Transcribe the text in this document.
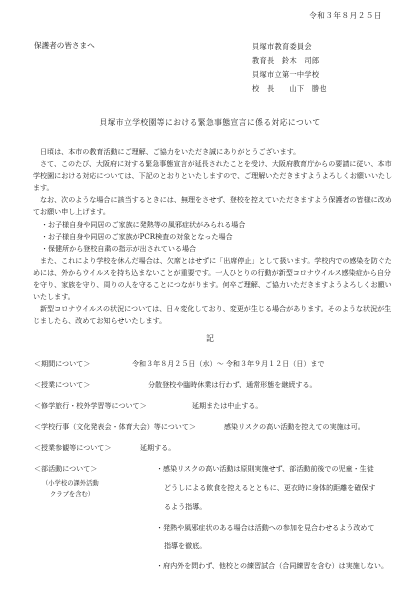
令和３年８月２５日
保護者の皆さまへ	貝塚市教育委員会
教育長　鈴木　司郎
貝塚市立第一中学校
校　長　　山下　勝也
貝塚市立学校園等における緊急事態宣言に係る対応について

日頃は、本市の教育活動にご理解、ご協力をいただき誠にありがとうございます。

さて、このたび、大阪府に対する緊急事態宣言が延長されたことを受け、大阪府教育庁からの要請に従い、本市学校園における対応については、下記のとおりといたしますので、ご理解いただきますようよろしくお願いいたします。

なお、次のような場合に該当するときには、無理をさせず、登校を控えていただきますよう保護者の皆様に改めてお願い申し上げます。

・お子様自身や同居のご家族に発熱等の風邪症状がみられる場合

・お子様自身や同居のご家族がPCR検査の対象となった場合

・保健所から登校自粛の指示が出されている場合

また、これにより学校を休んだ場合は、欠席とはせずに「出席停止」として扱います。学校内での感染を防ぐためには、外からウイルスを持ち込まないことが重要です。一人ひとりの行動が新型コロナウイルス感染症から自分を守り、家族を守り、周りの人を守ることにつながります。何卒ご理解、ご協力いただきますようよろしくお願いいたします。

新型コロナウイルスの状況については、日々変化しており、変更が生じる場合があります。そのような状況が生じましたら、改めてお知らせいたします。

記
＜期間について＞	令和３年８月２５日（水）～ 令和３年９月１２日（日）まで
＜授業について＞	分散登校や臨時休業は行わず、通常形態を継続する。
＜修学旅行・校外学習等について＞	延期または中止する。
＜学校行事（文化発表会・体育大会）等について＞	感染リスクの高い活動を控えての実施は可。
＜授業参観等について＞	延期する。
＜部活動について＞
（小学校の課外活動
クラブを含む）
・感染リスクの高い活動は原則実施せず、部活動前後での児童・生徒
どうしによる飲食を控えるとともに、更衣時に身体的距離を確保す
るよう指導。
・発熱や風邪症状のある場合は活動への参加を見合わせるよう改めて
指導を徹底。
・府内外を問わず、他校との練習試合（合同練習を含む）は実施しない。
